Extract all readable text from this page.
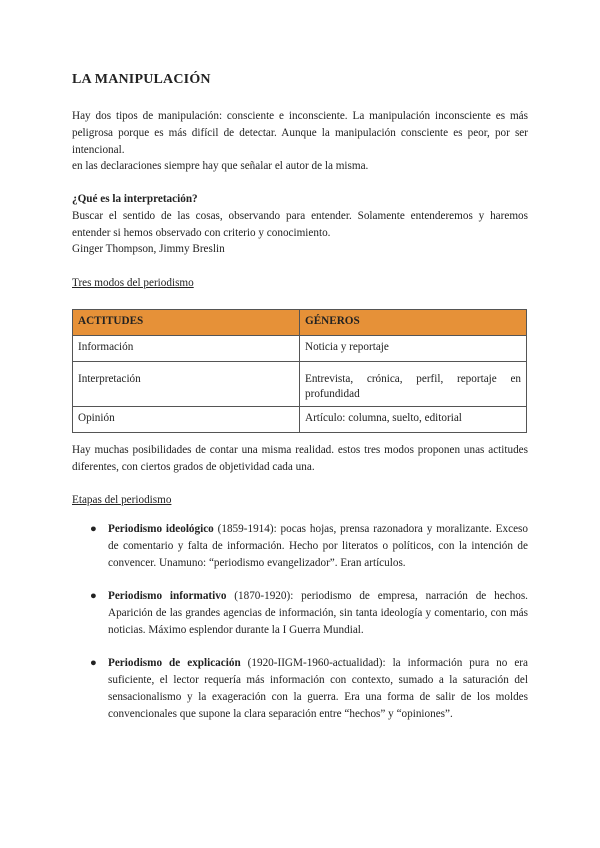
LA MANIPULACIÓN

Hay dos tipos de manipulación: consciente e inconsciente. La manipulación inconsciente es más peligrosa porque es más difícil de detectar. Aunque la manipulación consciente es peor, por ser intencional.
en las declaraciones siempre hay que señalar el autor de la misma.

¿Qué es la interpretación?
Buscar el sentido de las cosas, observando para entender. Solamente entenderemos y haremos entender si hemos observado con criterio y conocimiento.
Ginger Thompson, Jimmy Breslin

Tres modos del periodismo

ACTITUDES	GÉNEROS
Información	Noticia y reportaje
Interpretación	Entrevista, crónica, perfil, reportaje en profundidad
Opinión	Artículo: columna, suelto, editorial

Hay muchas posibilidades de contar una misma realidad. estos tres modos proponen unas actitudes diferentes, con ciertos grados de objetividad cada una.

Etapas del periodismo

● Periodismo ideológico (1859-1914): pocas hojas, prensa razonadora y moralizante. Exceso de comentario y falta de información. Hecho por literatos o políticos, con la intención de convencer. Unamuno: “periodismo evangelizador”. Eran artículos.
● Periodismo informativo (1870-1920): periodismo de empresa, narración de hechos. Aparición de las grandes agencias de información, sin tanta ideología y comentario, con más noticias. Máximo esplendor durante la I Guerra Mundial.
● Periodismo de explicación (1920-IIGM-1960-actualidad): la información pura no era suficiente, el lector requería más información con contexto, sumado a la saturación del sensacionalismo y la exageración con la guerra. Era una forma de salir de los moldes convencionales que supone la clara separación entre “hechos” y “opiniones”.
